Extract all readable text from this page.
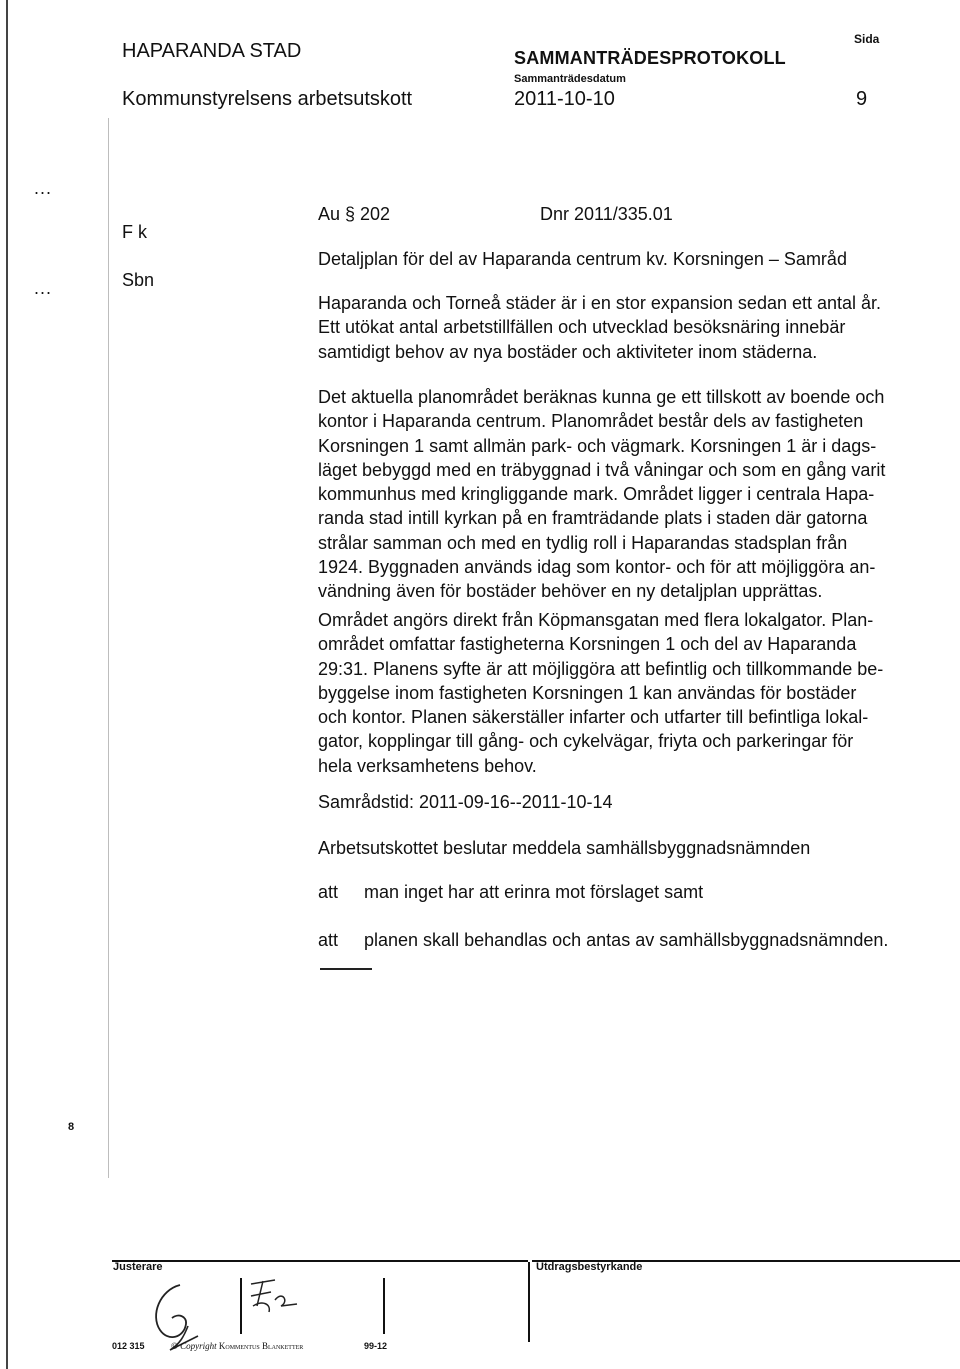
HAPARANDA STAD
Kommunstyrelsens arbetsutskott
SAMMANTRÄDESPROTOKOLL
Sammanträdesdatum
2011-10-10
Sida
9
...
...
F k
Sbn
Au § 202	Dnr 2011/335.01
Detaljplan för del av Haparanda centrum kv. Korsningen – Samråd
Haparanda och Torneå städer är i en stor expansion sedan ett antal år.
Ett utökat antal arbetstillfällen och utvecklad besöksnäring innebär
samtidigt behov av nya bostäder och aktiviteter inom städerna.
Det aktuella planområdet beräknas kunna ge ett tillskott av boende och
kontor i Haparanda centrum. Planområdet består dels av fastigheten
Korsningen 1 samt allmän park- och vägmark. Korsningen 1 är i dags-
läget bebyggd med en träbyggnad i två våningar och som en gång varit
kommunhus med kringliggande mark. Området ligger i centrala Hapa-
randa stad intill kyrkan på en framträdande plats i staden där gatorna
strålar samman och med en tydlig roll i Haparandas stadsplan från
1924. Byggnaden används idag som kontor- och för att möjliggöra an-
vändning även för bostäder behöver en ny detaljplan upprättas.
Området angörs direkt från Köpmansgatan med flera lokalgator. Plan-
området omfattar fastigheterna Korsningen 1 och del av Haparanda
29:31. Planens syfte är att möjliggöra att befintlig och tillkommande be-
byggelse inom fastigheten Korsningen 1 kan användas för bostäder
och kontor. Planen säkerställer infarter och utfarter till befintliga lokal-
gator, kopplingar till gång- och cykelvägar, friyta och parkeringar för
hela verksamhetens behov.
Samrådstid: 2011-09-16--2011-10-14
Arbetsutskottet beslutar meddela samhällsbyggnadsnämnden
att man inget har att erinra mot förslaget samt
att planen skall behandlas och antas av samhällsbyggnadsnämnden.
8
Justerare	Utdragsbestyrkande
012 315	© Copyright Kommentus Blanketter	99-12
